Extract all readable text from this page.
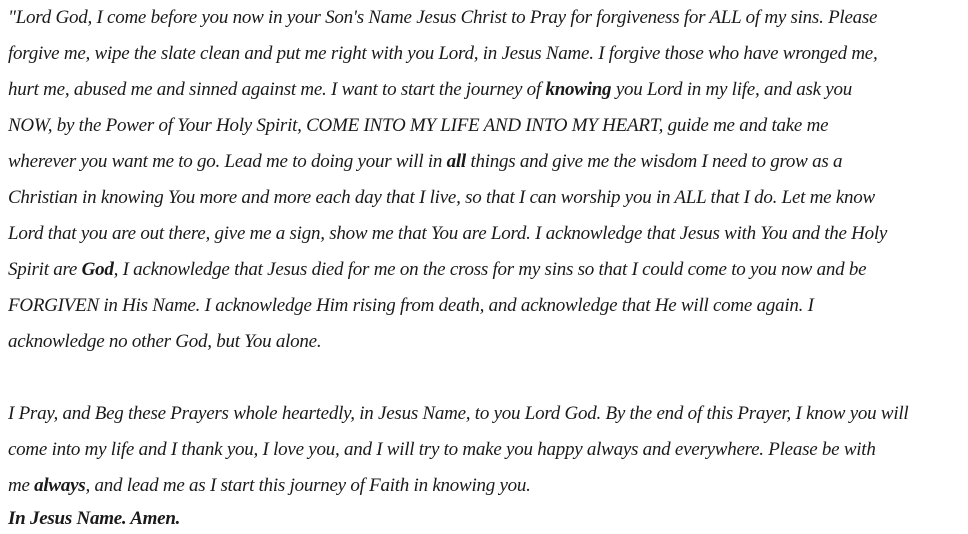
"Lord God, I come before you now in your Son's Name Jesus Christ to Pray for forgiveness for ALL of my sins. Please
forgive me, wipe the slate clean and put me right with you Lord, in Jesus Name. I forgive those who have wronged me,
hurt me, abused me and sinned against me. I want to start the journey of knowing you Lord in my life, and ask you
NOW, by the Power of Your Holy Spirit, COME INTO MY LIFE AND INTO MY HEART, guide me and take me
wherever you want me to go. Lead me to doing your will in all things and give me the wisdom I need to grow as a
Christian in knowing You more and more each day that I live, so that I can worship you in ALL that I do. Let me know
Lord that you are out there, give me a sign, show me that You are Lord. I acknowledge that Jesus with You and the Holy
Spirit are God, I acknowledge that Jesus died for me on the cross for my sins so that I could come to you now and be
FORGIVEN in His Name. I acknowledge Him rising from death, and acknowledge that He will come again. I
acknowledge no other God, but You alone.
I Pray, and Beg these Prayers whole heartedly, in Jesus Name, to you Lord God. By the end of this Prayer, I know you will
come into my life and I thank you, I love you, and I will try to make you happy always and everywhere. Please be with
me always, and lead me as I start this journey of Faith in knowing you.
In Jesus Name. Amen.
